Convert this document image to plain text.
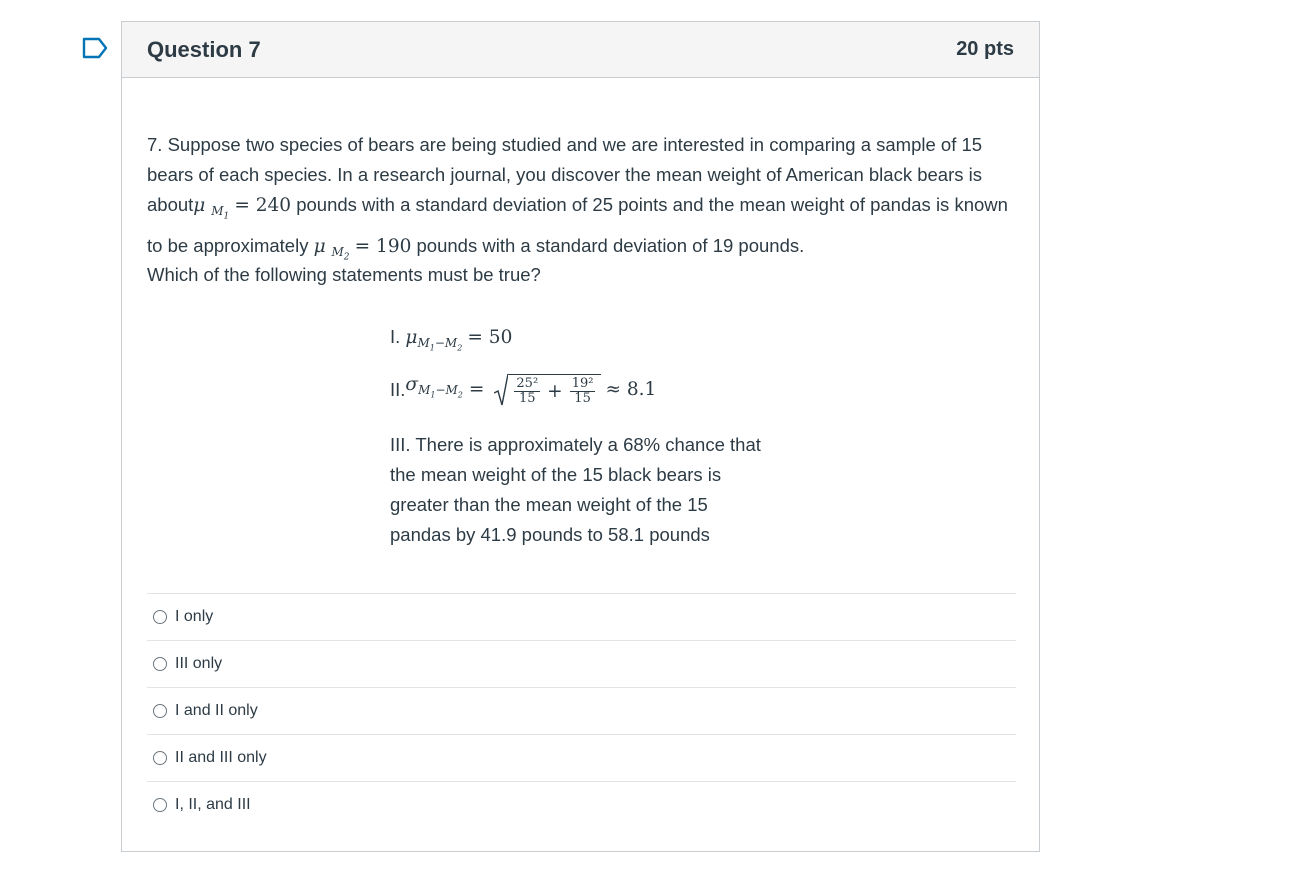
Question 7	20 pts
7. Suppose two species of bears are being studied and we are interested in comparing a sample of 15 bears of each species. In a research journal, you discover the mean weight of American black bears is aboutμ $_{M_1}$ = 240 pounds with a standard deviation of 25 points and the mean weight of pandas is known to be approximately μ $_{M_2}$ = 190 pounds with a standard deviation of 19 pounds.
Which of the following statements must be true?
I. $\mu_{M_1-M_2} = 50$
II. $\sigma_{M_1-M_2} = \frac{\text{25²}}{15} + \frac{\text{19²}}{15} \approx 8.1$
III. There is approximately a 68% chance that the mean weight of the 15 black bears is greater than the mean weight of the 15 pandas by 41.9 pounds to 58.1 pounds
I only
III only
I and II only
II and III only
I, II, and III
